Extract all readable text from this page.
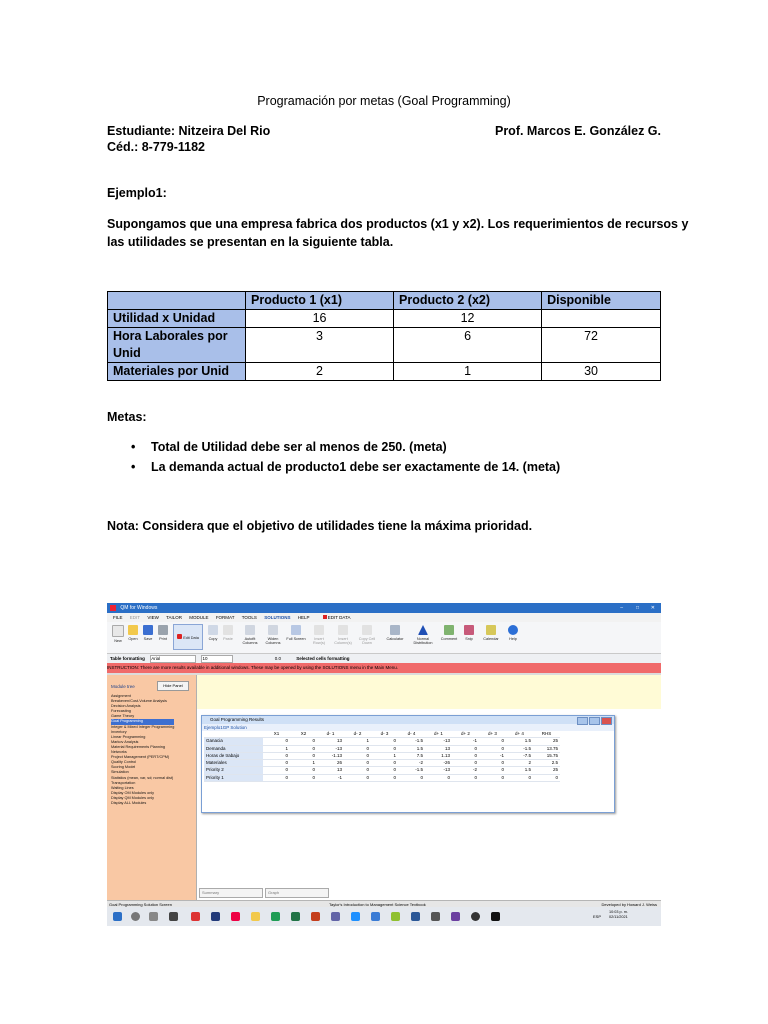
Programación por metas (Goal Programming)
Estudiante: Nitzeira Del Rio	Prof. Marcos E. González G.
Céd.: 8-779-1182
Ejemplo1:
Supongamos que una empresa fabrica dos productos (x1 y x2). Los requerimientos de recursos y
las utilidades se presentan en la siguiente tabla.
	Producto 1 (x1)	Producto 2 (x2)	Disponible
Utilidad x Unidad	16	12	
Hora Laborales por
Unid	3	6	72
Materiales por Unid	2	1	30
Metas:
• Total de Utilidad debe ser al menos de 250. (meta)
• La demanda actual de producto1 debe ser exactamente de 14. (meta)
Nota: Considera que el objetivo de utilidades tiene la máxima prioridad.
QM for Windows	–	□ ✕
FILE EDIT VIEW TAILOR MODULE FORMAT TOOLS SOLUTIONS HELP	EDIT DATA
New	Open	Save	Print	Edit Data	Copy	Paste	Autofit Columns
Widen Columns
Full Screen	Insert Row(s)
Insert Column(s)
Copy Cell Down
Calculator	Normal Distribution
Comment	Snip	Calendar	Help
Table formatting Arial	10	0.0	Selected cells formatting
INSTRUCTION: There are more results available in additional windows. These may be opened by using the SOLUTIONS menu in the Main Menu.
Module tree	Hide Panel
Assignment
Breakeven/Cost-Volume Analysis
Decision Analysis
Forecasting
Game Theory
Goal Programming
Integer & Mixed Integer Programming
Inventory
Linear Programming
Markov Analysis
Material Requirements Planning
Networks
Project Management (PERT/CPM)
Quality Control
Scoring Model
Simulation
Statistics (mean, var, sd; normal dist)
Transportation
Waiting Lines
Display OM Modules only
Display QM Modules only
Display ALL Modules
Goal Programming Results
Ejemplo1GP Solution
	X1	X2	d- 1	d- 2	d- 3	d- 4	d+ 1	d+ 2	d+ 3	d+ 4	RHS
Ganacia	0	0	13	1	0	-1.5	-13	-1	0	1.5	25
Demanda	1	0	-13	0	0	1.5	13	0	0	-1.5	13.75
Horas de trabajo	0	0	-1.13	0	1	7.5	1.13	0	-1	-7.5	15.75
Materiales	0	1	26	0	0	-2	-26	0	0	2	2.5
Priority 2	0	0	13	0	0	-1.5	-13	-2	0	1.5	25
Priority 1	0	0	-1	0	0	0	0	0	0	0	0
Summary	Graph
Goal Programming Solution Screen	Taylor's Introduction to Management Science Textbook	Developed by Howard J. Weiss
ESP
10:03 p. m.
02/11/2021
